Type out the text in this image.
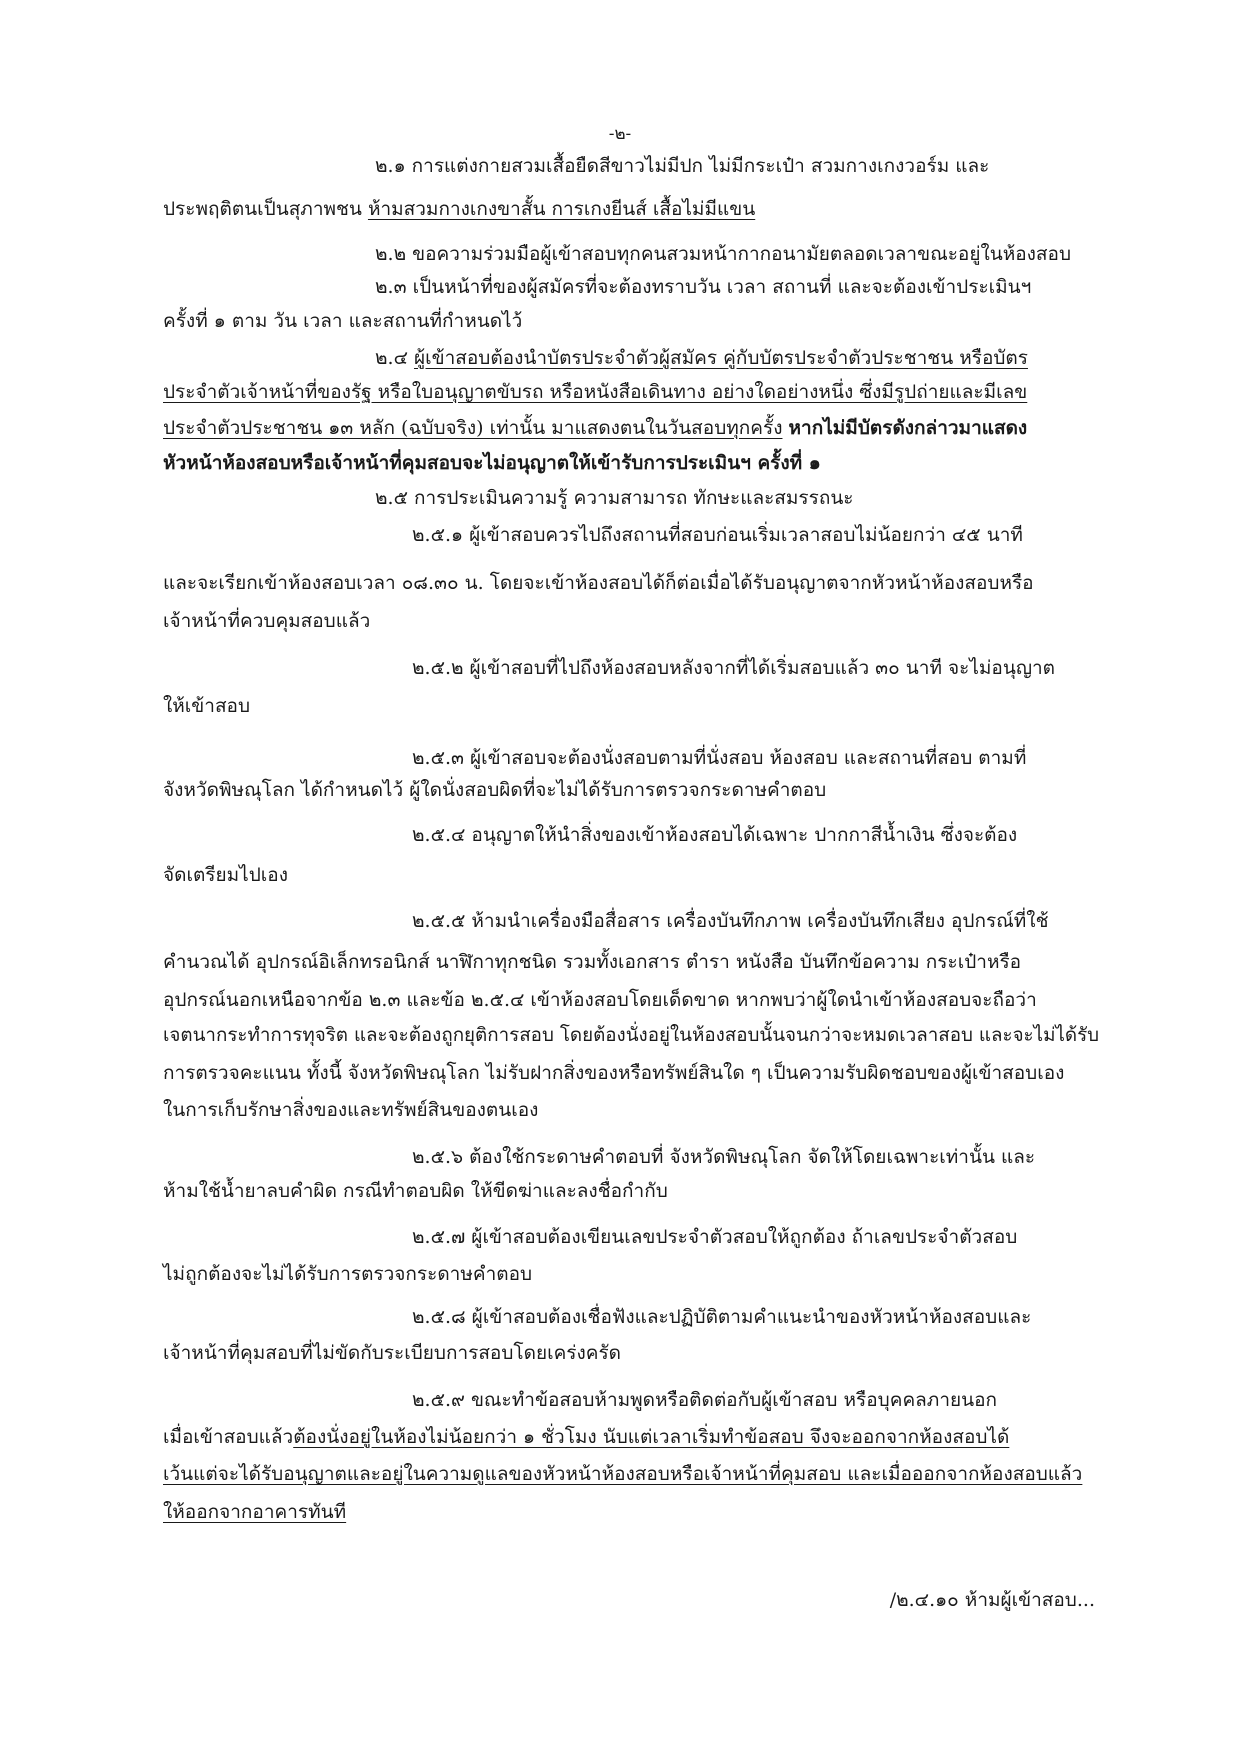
-๒-
๒.๑ การแต่งกายสวมเสื้อยืดสีขาวไม่มีปก ไม่มีกระเป๋า สวมกางเกงวอร์ม และ
ประพฤติตนเป็นสุภาพชน ห้ามสวมกางเกงขาสั้น การเกงยีนส์ เสื้อไม่มีแขน
๒.๒ ขอความร่วมมือผู้เข้าสอบทุกคนสวมหน้ากากอนามัยตลอดเวลาขณะอยู่ในห้องสอบ
๒.๓ เป็นหน้าที่ของผู้สมัครที่จะต้องทราบวัน เวลา สถานที่ และจะต้องเข้าประเมินฯ
ครั้งที่ ๑ ตาม วัน เวลา และสถานที่กำหนดไว้
๒.๔ ผู้เข้าสอบต้องนำบัตรประจำตัวผู้สมัคร คู่กับบัตรประจำตัวประชาชน หรือบัตร
ประจำตัวเจ้าหน้าที่ของรัฐ หรือใบอนุญาตขับรถ หรือหนังสือเดินทาง อย่างใดอย่างหนึ่ง ซึ่งมีรูปถ่ายและมีเลข
ประจำตัวประชาชน ๑๓ หลัก (ฉบับจริง) เท่านั้น มาแสดงตนในวันสอบทุกครั้ง หากไม่มีบัตรดังกล่าวมาแสดง
หัวหน้าห้องสอบหรือเจ้าหน้าที่คุมสอบจะไม่อนุญาตให้เข้ารับการประเมินฯ ครั้งที่ ๑
๒.๕ การประเมินความรู้ ความสามารถ ทักษะและสมรรถนะ
๒.๕.๑ ผู้เข้าสอบควรไปถึงสถานที่สอบก่อนเริ่มเวลาสอบไม่น้อยกว่า ๔๕ นาที
และจะเรียกเข้าห้องสอบเวลา ๐๘.๓๐ น. โดยจะเข้าห้องสอบได้ก็ต่อเมื่อได้รับอนุญาตจากหัวหน้าห้องสอบหรือ
เจ้าหน้าที่ควบคุมสอบแล้ว
๒.๕.๒ ผู้เข้าสอบที่ไปถึงห้องสอบหลังจากที่ได้เริ่มสอบแล้ว ๓๐ นาที จะไม่อนุญาต
ให้เข้าสอบ
๒.๕.๓ ผู้เข้าสอบจะต้องนั่งสอบตามที่นั่งสอบ ห้องสอบ และสถานที่สอบ ตามที่
จังหวัดพิษณุโลก ได้กำหนดไว้ ผู้ใดนั่งสอบผิดที่จะไม่ได้รับการตรวจกระดาษคำตอบ
๒.๕.๔ อนุญาตให้นำสิ่งของเข้าห้องสอบได้เฉพาะ ปากกาสีน้ำเงิน ซึ่งจะต้อง
จัดเตรียมไปเอง
๒.๕.๕ ห้ามนำเครื่องมือสื่อสาร เครื่องบันทึกภาพ เครื่องบันทึกเสียง อุปกรณ์ที่ใช้
คำนวณได้ อุปกรณ์อิเล็กทรอนิกส์ นาฬิกาทุกชนิด รวมทั้งเอกสาร ตำรา หนังสือ บันทึกข้อความ กระเป๋าหรือ
อุปกรณ์นอกเหนือจากข้อ ๒.๓ และข้อ ๒.๕.๔ เข้าห้องสอบโดยเด็ดขาด หากพบว่าผู้ใดนำเข้าห้องสอบจะถือว่า
เจตนากระทำการทุจริต และจะต้องถูกยุติการสอบ โดยต้องนั่งอยู่ในห้องสอบนั้นจนกว่าจะหมดเวลาสอบ และจะไม่ได้รับ
การตรวจคะแนน ทั้งนี้ จังหวัดพิษณุโลก ไม่รับฝากสิ่งของหรือทรัพย์สินใด ๆ เป็นความรับผิดชอบของผู้เข้าสอบเอง
ในการเก็บรักษาสิ่งของและทรัพย์สินของตนเอง
๒.๕.๖ ต้องใช้กระดาษคำตอบที่ จังหวัดพิษณุโลก จัดให้โดยเฉพาะเท่านั้น และ
ห้ามใช้น้ำยาลบคำผิด กรณีทำตอบผิด ให้ขีดฆ่าและลงชื่อกำกับ
๒.๕.๗ ผู้เข้าสอบต้องเขียนเลขประจำตัวสอบให้ถูกต้อง ถ้าเลขประจำตัวสอบ
ไม่ถูกต้องจะไม่ได้รับการตรวจกระดาษคำตอบ
๒.๕.๘ ผู้เข้าสอบต้องเชื่อฟังและปฏิบัติตามคำแนะนำของหัวหน้าห้องสอบและ
เจ้าหน้าที่คุมสอบที่ไม่ขัดกับระเบียบการสอบโดยเคร่งครัด
๒.๕.๙ ขณะทำข้อสอบห้ามพูดหรือติดต่อกับผู้เข้าสอบ หรือบุคคลภายนอก
เมื่อเข้าสอบแล้วต้องนั่งอยู่ในห้องไม่น้อยกว่า ๑ ชั่วโมง นับแต่เวลาเริ่มทำข้อสอบ จึงจะออกจากห้องสอบได้
เว้นแต่จะได้รับอนุญาตและอยู่ในความดูแลของหัวหน้าห้องสอบหรือเจ้าหน้าที่คุมสอบ และเมื่อออกจากห้องสอบแล้ว
ให้ออกจากอาคารทันที
/๒.๔.๑๐ ห้ามผู้เข้าสอบ...
